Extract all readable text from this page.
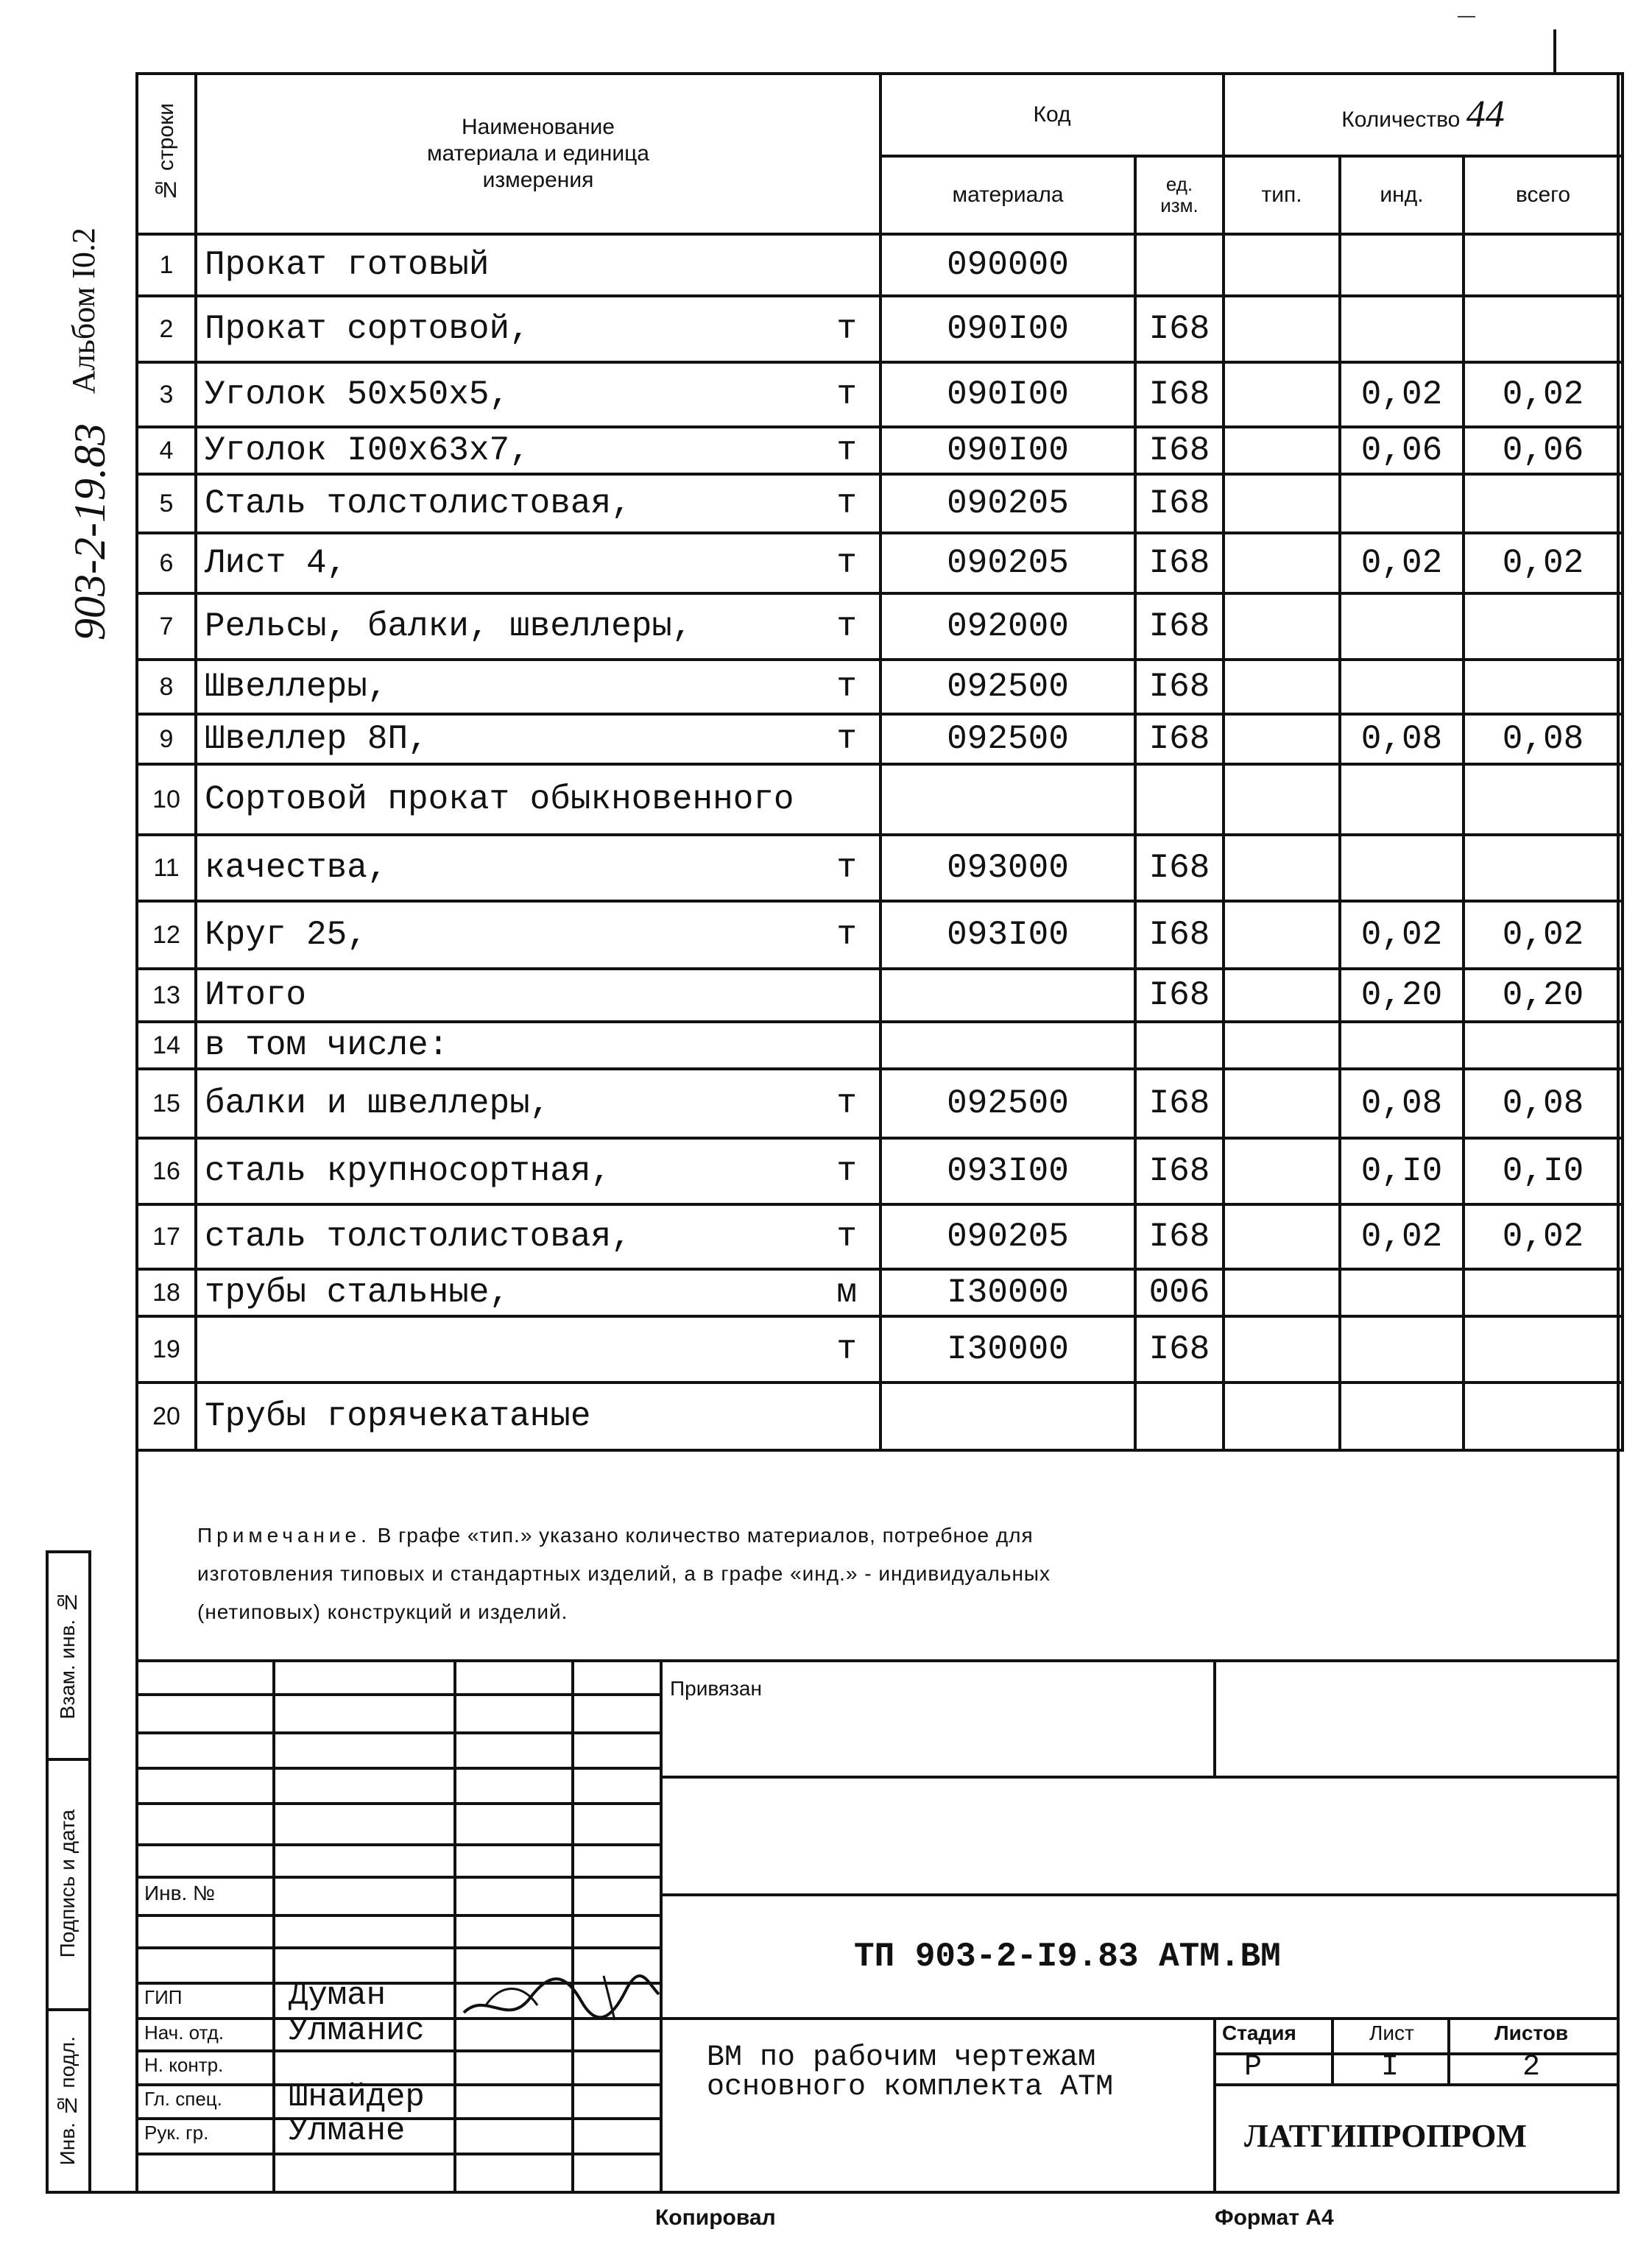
903-2-19.83
Альбом I0.2
—
№ строки	Наименование материала и единица измерения	Код		Количество 44		
		материала	ед. изм.	тип.	инд.	всего
1	Прокат готовый	090000				
2	Прокат сортовой, т	090I00	I68			
3	Уголок 50x50x5, т	090I00	I68		0,02	0,02
4	Уголок I00x63x7, т	090I00	I68		0,06	0,06
5	Сталь толстолистовая, т	090205	I68			
6	Лист 4, т	090205	I68		0,02	0,02
7	Рельсы, балки, швеллеры, т	092000	I68			
8	Швеллеры, т	092500	I68			
9	Швеллер 8П, т	092500	I68		0,08	0,08
10	Сортовой прокат обыкновенного					

11	качества, т	093000	I68			
12	Круг 25, т	093I00	I68		0,02	0,02
13	Итого		I68		0,20	0,20
14	в том числе:					

15	балки и швеллеры, т	092500	I68		0,08	0,08
16	сталь крупносортная, т	093I00	I68		0,I0	0,I0
17	сталь толстолистовая, т	090205	I68		0,02	0,02
18	трубы стальные, м	I30000	006			
19	т	I30000	I68			
20	Трубы горячекатаные					

Примечание. В графе «тип.» указано количество материалов, потребное для
изготовления типовых и стандартных изделий, а в графе «инд.» - индивидуальных
(нетиповых) конструкций и изделий.
Взам. инв. №
Подпись и дата
Инв. № подл.
Привязан
Инв. №
ТП 903-2-I9.83 АТМ.ВМ
ГИП	Думан
Нач. отд. Улманис
Н. контр.
Гл. спец. Шнайдер
Рук. гр. Улмане
ВМ по рабочим чертежам основного комплекта АТМ
Стадия	Лист	Листов
Р	I	2
ЛАТГИПРОПРОМ
Копировал	Формат А4
